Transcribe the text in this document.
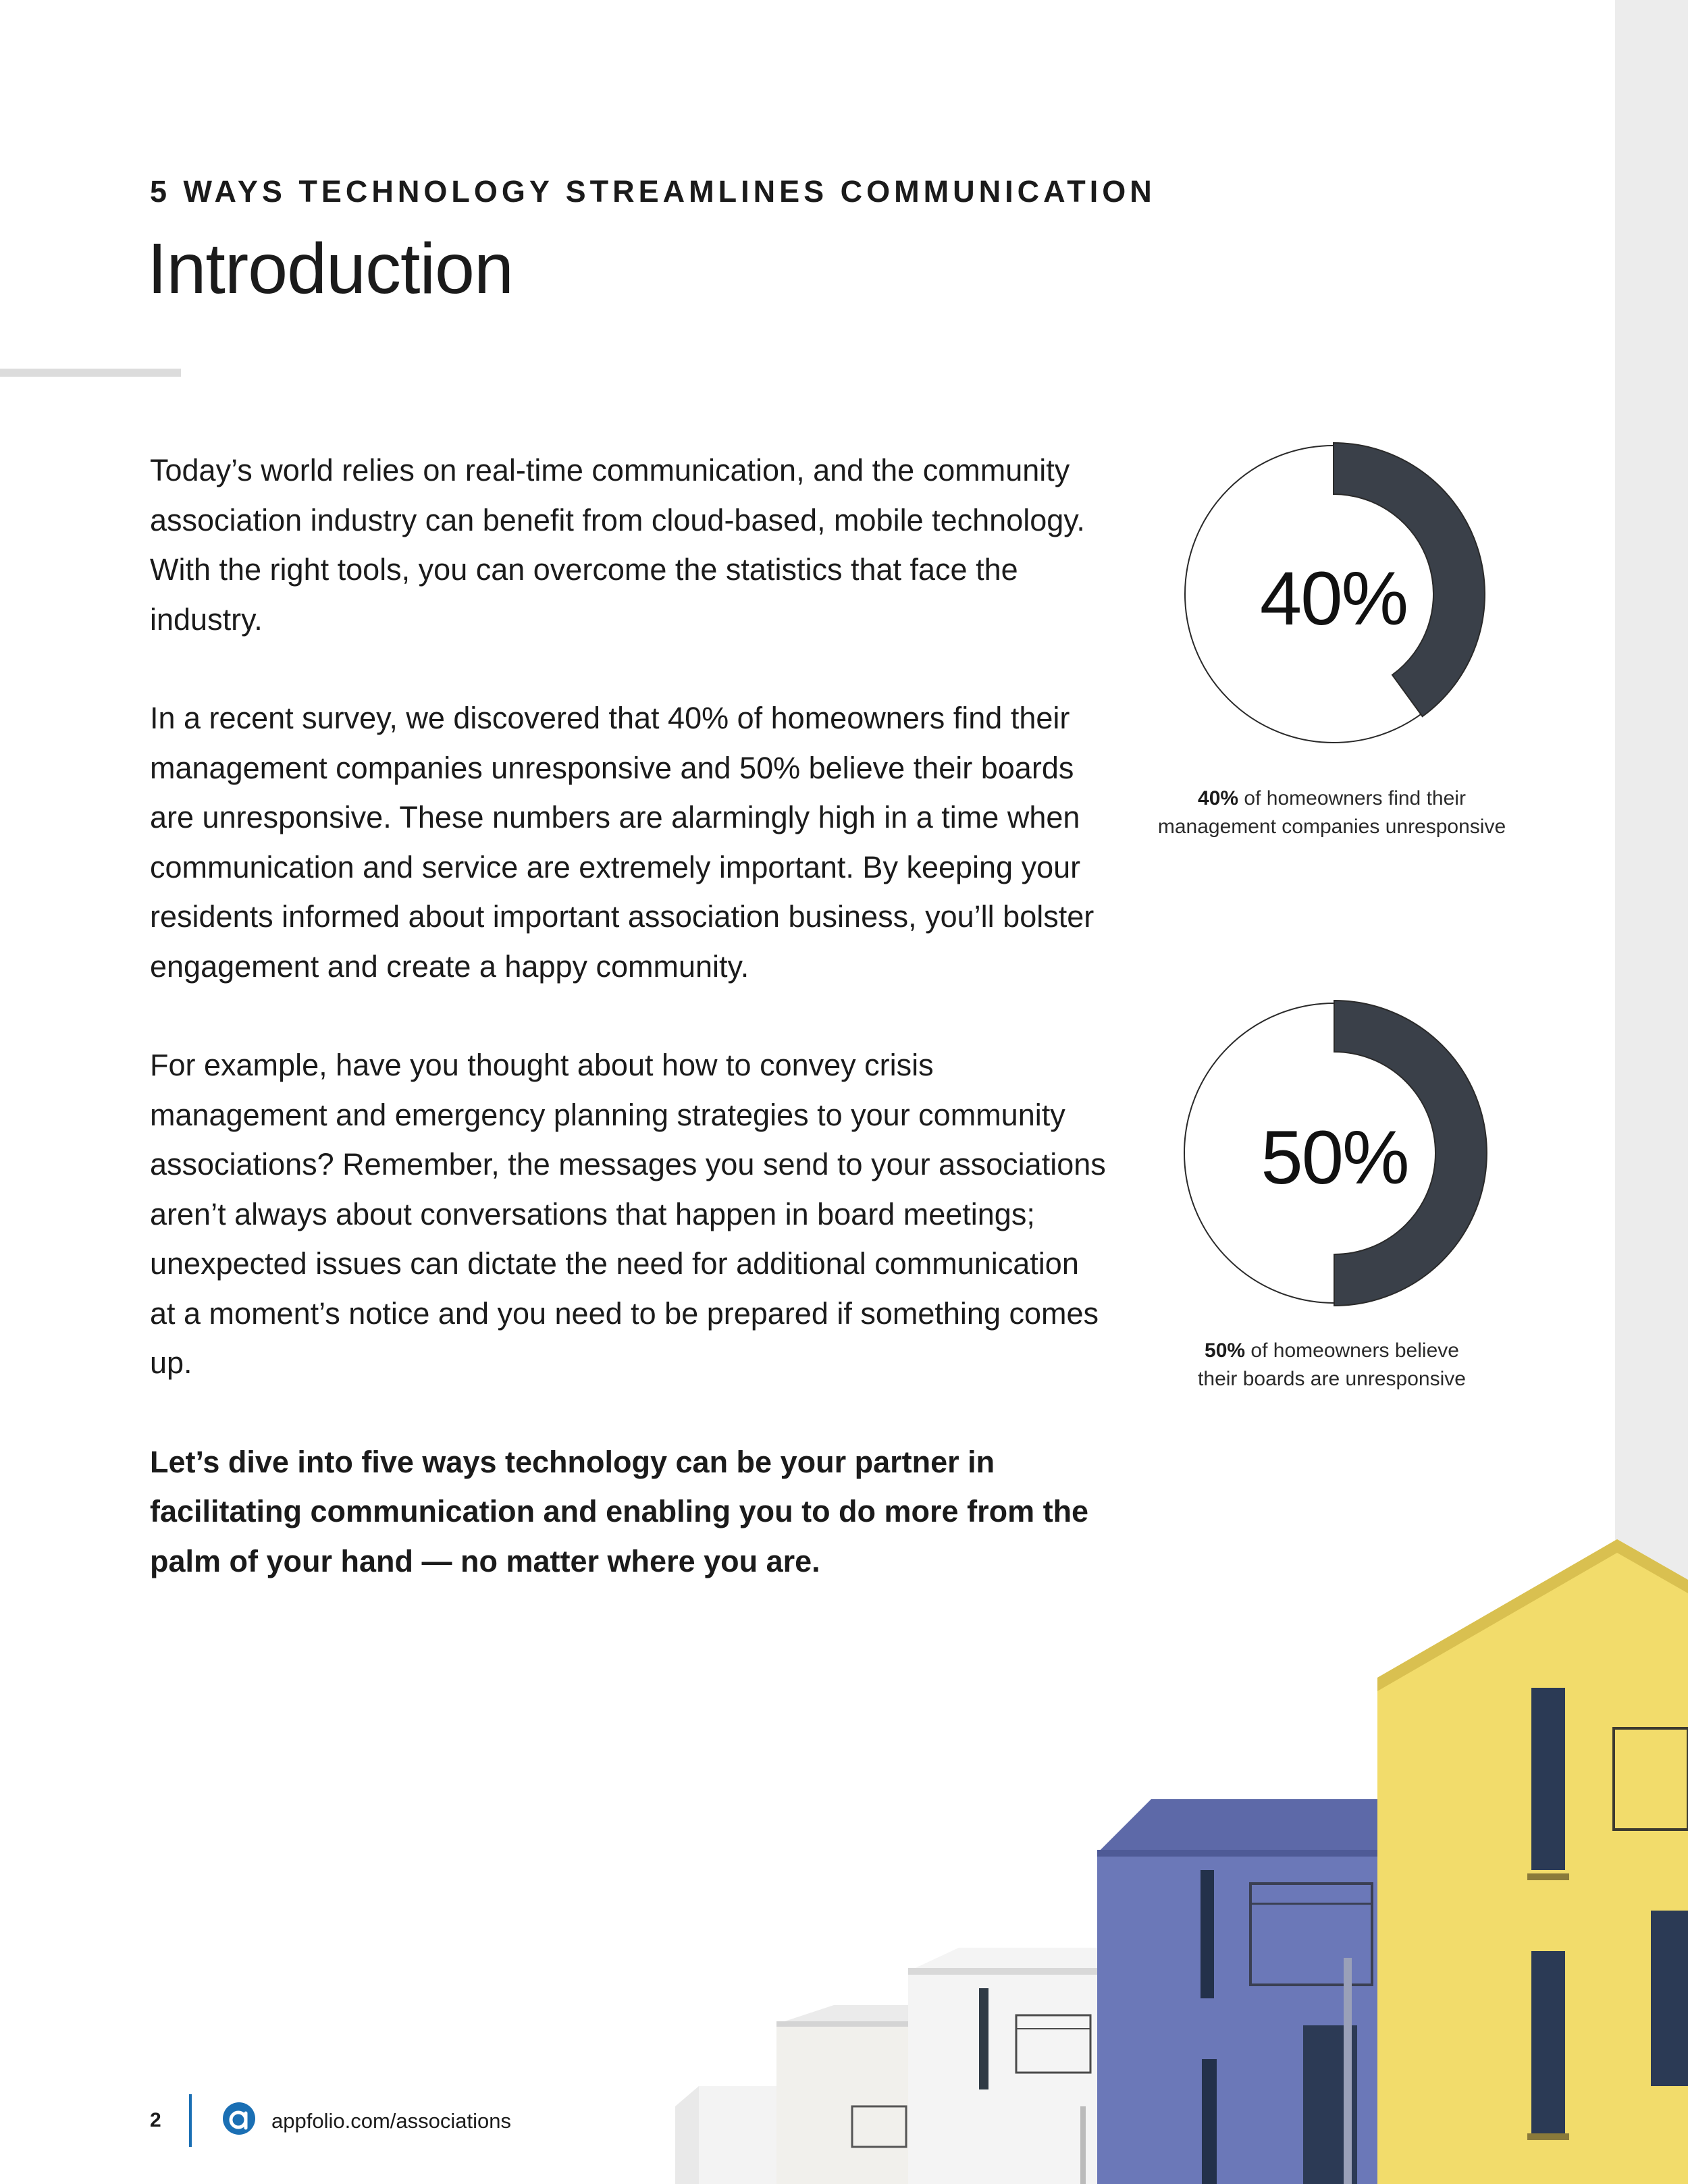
5 WAYS TECHNOLOGY STREAMLINES COMMUNICATION
Introduction

Today’s world relies on real-time communication, and the community association industry can benefit from cloud-based, mobile technology. With the right tools, you can overcome the statistics that face the industry.

In a recent survey, we discovered that 40% of homeowners find their management companies unresponsive and 50% believe their boards are unresponsive. These numbers are alarmingly high in a time when communication and service are extremely important. By keeping your residents informed about important association business, you’ll bolster engagement and create a happy community.

For example, have you thought about how to convey crisis management and emergency planning strategies to your community associations? Remember, the messages you send to your associations aren’t always about conversations that happen in board meetings; unexpected issues can dictate the need for additional communication at a moment’s notice and you need to be prepared if something comes up.

Let’s dive into five ways technology can be your partner in facilitating communication and enabling you to do more from the palm of your hand — no matter where you are.

40%
40% of homeowners find their
management companies unresponsive
50%
50% of homeowners believe
their boards are unresponsive
2	appfolio.com/associations
